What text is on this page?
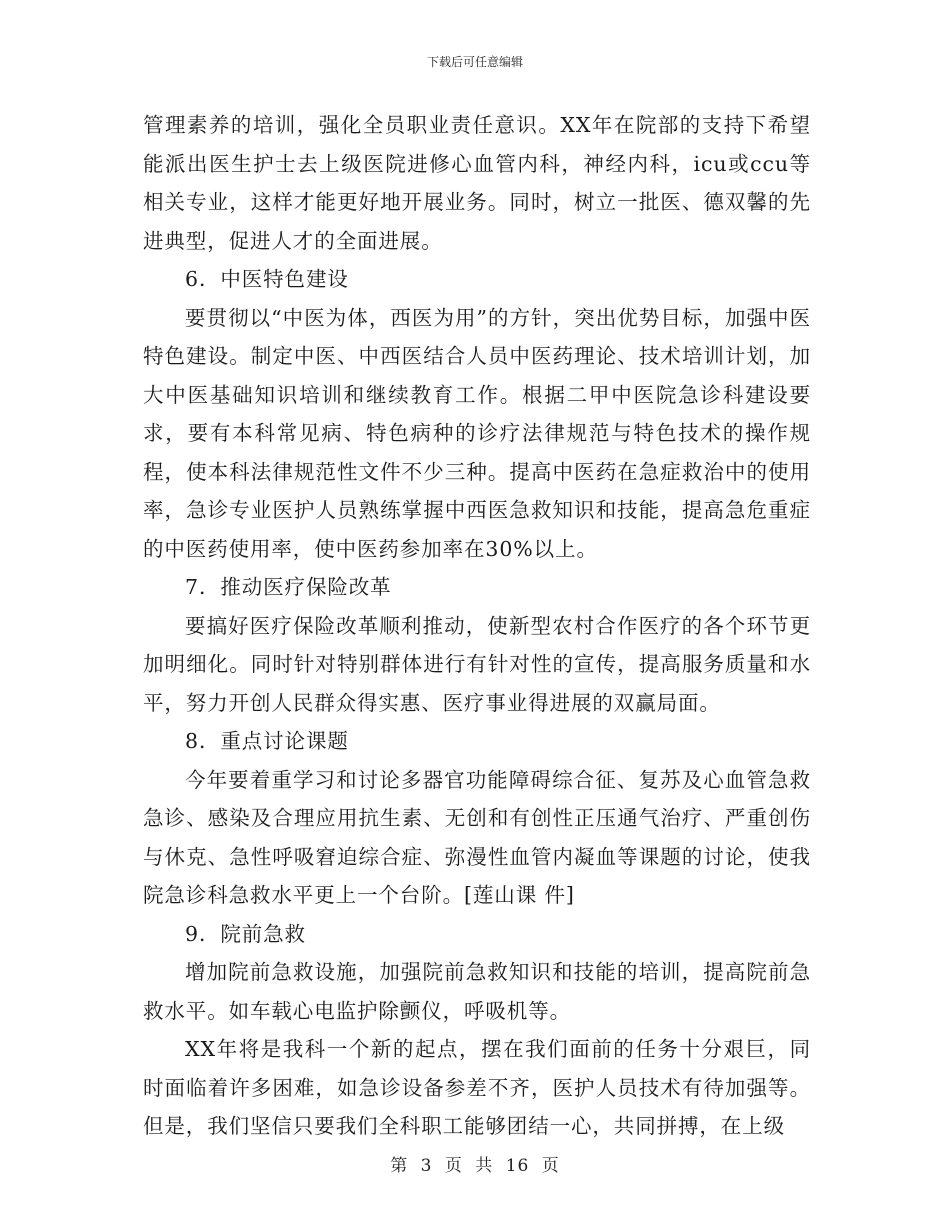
下载后可任意编辑

管理素养的培训，强化全员职业责任意识。XX年在院部的支持下希望能派出医生护士去上级医院进修心血管内科，神经内科，icu或ccu等相关专业，这样才能更好地开展业务。同时，树立一批医、德双馨的先进典型，促进人才的全面进展。

6．中医特色建设

要贯彻以“中医为体，西医为用”的方针，突出优势目标，加强中医特色建设。制定中医、中西医结合人员中医药理论、技术培训计划，加大中医基础知识培训和继续教育工作。根据二甲中医院急诊科建设要求，要有本科常见病、特色病种的诊疗法律规范与特色技术的操作规程，使本科法律规范性文件不少三种。提高中医药在急症救治中的使用率，急诊专业医护人员熟练掌握中西医急救知识和技能，提高急危重症的中医药使用率，使中医药参加率在30%以上。

7．推动医疗保险改革

要搞好医疗保险改革顺利推动，使新型农村合作医疗的各个环节更加明细化。同时针对特别群体进行有针对性的宣传，提高服务质量和水平，努力开创人民群众得实惠、医疗事业得进展的双赢局面。

8．重点讨论课题

今年要着重学习和讨论多器官功能障碍综合征、复苏及心血管急救急诊、感染及合理应用抗生素、无创和有创性正压通气治疗、严重创伤与休克、急性呼吸窘迫综合症、弥漫性血管内凝血等课题的讨论，使我院急诊科急救水平更上一个台阶。[莲山课 件]

9．院前急救

增加院前急救设施，加强院前急救知识和技能的培训，提高院前急救水平。如车载心电监护除颤仪，呼吸机等。

XX年将是我科一个新的起点，摆在我们面前的任务十分艰巨，同时面临着许多困难，如急诊设备参差不齐，医护人员技术有待加强等。但是，我们坚信只要我们全科职工能够团结一心，共同拼搏，在上级

第 3 页 共 16 页
